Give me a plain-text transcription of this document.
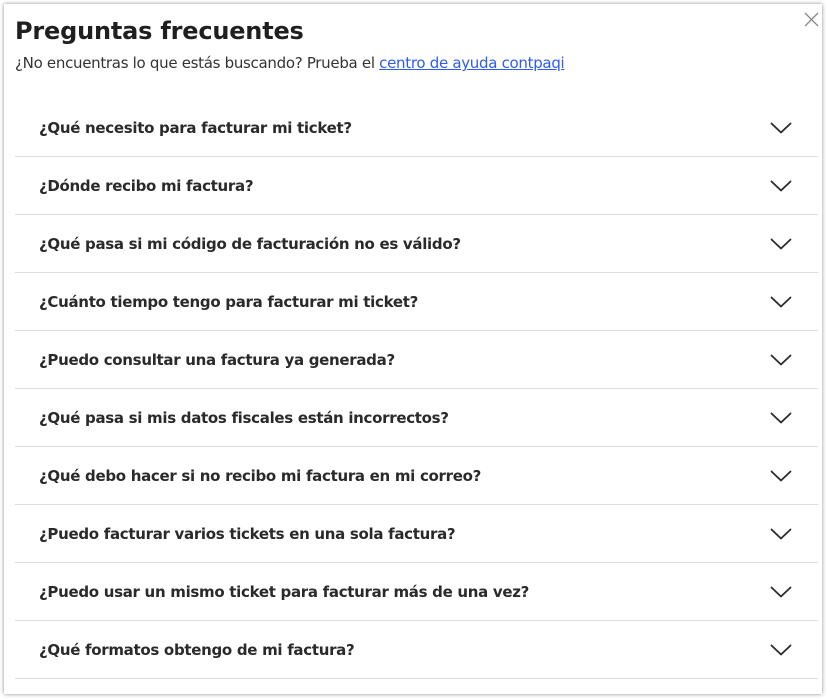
Preguntas frecuentes

¿No encuentras lo que estás buscando? Prueba el centro de ayuda contpaqi

¿Qué necesito para facturar mi ticket?
¿Dónde recibo mi factura?
¿Qué pasa si mi código de facturación no es válido?
¿Cuánto tiempo tengo para facturar mi ticket?
¿Puedo consultar una factura ya generada?
¿Qué pasa si mis datos fiscales están incorrectos?
¿Qué debo hacer si no recibo mi factura en mi correo?
¿Puedo facturar varios tickets en una sola factura?
¿Puedo usar un mismo ticket para facturar más de una vez?
¿Qué formatos obtengo de mi factura?
